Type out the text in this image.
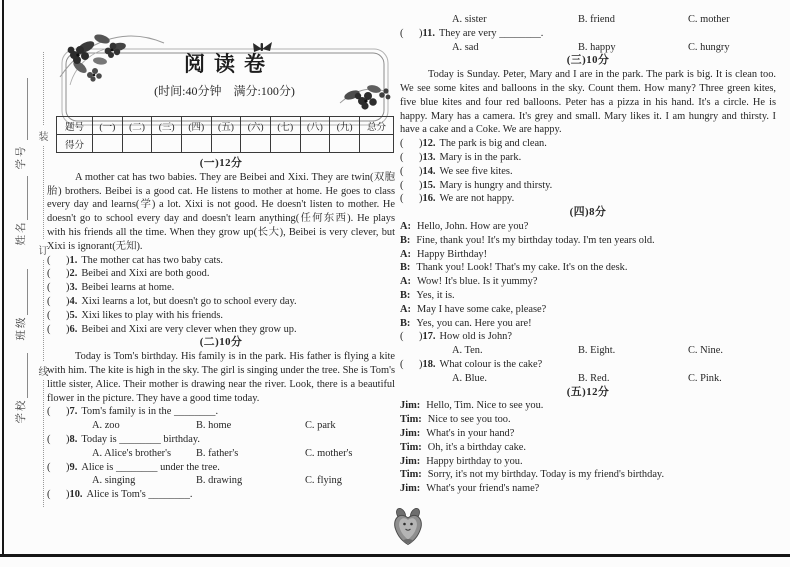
装
订
线
学号
姓名
班级
学校
阅读卷
(时间:40分钟　满分:100分)
题号	(一)	(二)	(三)	(四)	(五)	(六)	(七)	(八)	(九)	总分
得分										
(一)12分
A mother cat has two babies. They are Beibei and Xixi. They are twin(双胞胎) brothers. Beibei is a good cat. He listens to mother at home. He goes to class every day and learns(学) a lot. Xixi is not good. He doesn't listen to mother. He doesn't go to school every day and doesn't learn anything(任何东西). He plays with his friends all the time. When they grow up(长大), Beibei is very clever, but Xixi is ignorant(无知).
(      )1. The mother cat has two baby cats.
(      )2. Beibei and Xixi are both good.
(      )3. Beibei learns at home.
(      )4. Xixi learns a lot, but doesn't go to school every day.
(      )5. Xixi likes to play with his friends.
(      )6. Beibei and Xixi are very clever when they grow up.
(二)10分
Today is Tom's birthday. His family is in the park. His father is flying a kite with him. The kite is high in the sky. The girl is singing under the tree. She is Tom's little sister, Alice. Their mother is drawing near the river. Look, there is a beautiful flower in the picture. They have a good time today.
(      )7. Tom's family is in the ________.
A. zoo	B. home	C. park
(      )8. Today is ________ birthday.
A. Alice's brother's	B. father's	C. mother's
(      )9. Alice is ________ under the tree.
A. singing	B. drawing	C. flying
(      )10. Alice is Tom's ________.
A. sister	B. friend	C. mother
(      )11. They are very ________.
A. sad	B. happy	C. hungry
(三)10分
Today is Sunday. Peter, Mary and I are in the park. The park is big. It is clean too. We see some kites and balloons in the sky. Count them. How many? Three green kites, five blue kites and four red balloons. Peter has a pizza in his hand. It's a circle. He is happy. Mary has a camera. It's grey and small. Mary likes it. I am hungry and thirsty. I have a cake and a Coke. We are happy.
(      )12. The park is big and clean.
(      )13. Mary is in the park.
(      )14. We see five kites.
(      )15. Mary is hungry and thirsty.
(      )16. We are not happy.
(四)8分
A: Hello, John. How are you?
B: Fine, thank you! It's my birthday today. I'm ten years old.
A: Happy Birthday!
B: Thank you! Look! That's my cake. It's on the desk.
A: Wow! It's blue. Is it yummy?
B: Yes, it is.
A: May I have some cake, please?
B: Yes, you can. Here you are!
(      )17. How old is John?
A. Ten.	B. Eight.	C. Nine.
(      )18. What colour is the cake?
A. Blue.	B. Red.	C. Pink.
(五)12分
Jim: Hello, Tim. Nice to see you.
Tim: Nice to see you too.
Jim: What's in your hand?
Tim: Oh, it's a birthday cake.
Jim: Happy birthday to you.
Tim: Sorry, it's not my birthday. Today is my friend's birthday.
Jim: What's your friend's name?
